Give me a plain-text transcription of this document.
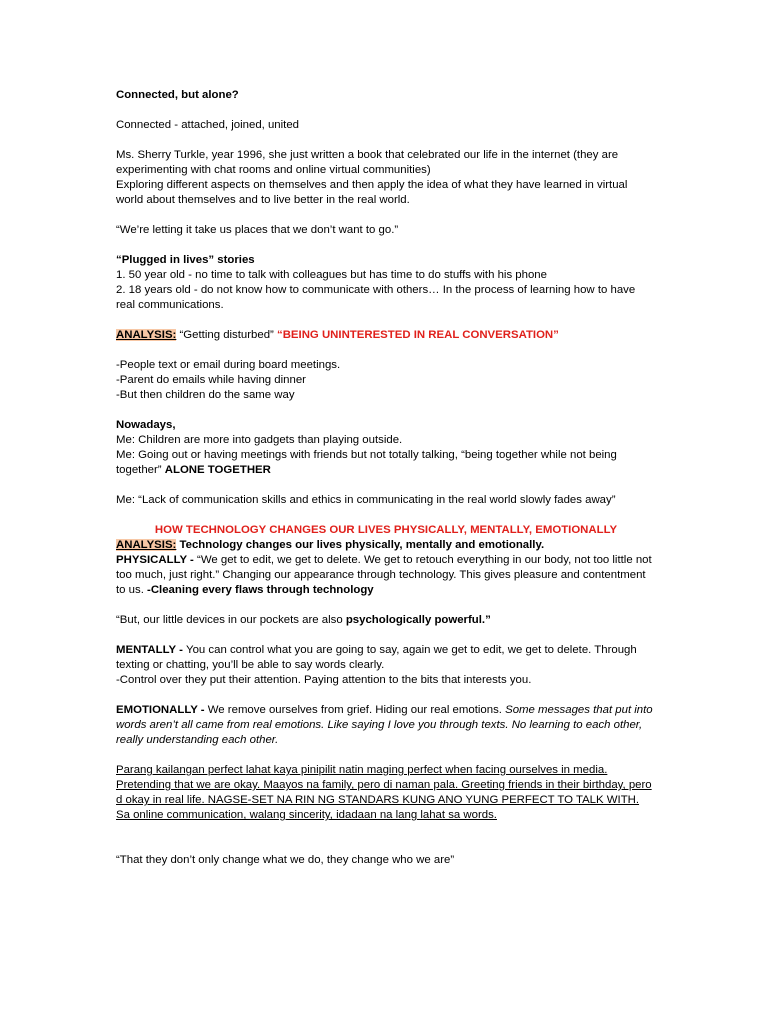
Connected, but alone?

Connected - attached, joined, united

Ms. Sherry Turkle, year 1996, she just written a book that celebrated our life in the internet (they are experimenting with chat rooms and online virtual communities)

Exploring different aspects on themselves and then apply the idea of what they have learned in virtual world about themselves and to live better in the real world.

“We’re letting it take us places that we don’t want to go.”

“Plugged in lives” stories

1. 50 year old - no time to talk with colleagues but has time to do stuffs with his phone

2. 18 years old - do not know how to communicate with others… In the process of learning how to have real communications.

ANALYSIS: “Getting disturbed” “BEING UNINTERESTED IN REAL CONVERSATION”

-People text or email during board meetings.

-Parent do emails while having dinner

-But then children do the same way

Nowadays,

Me: Children are more into gadgets than playing outside.

Me: Going out or having meetings with friends but not totally talking, “being together while not being together” ALONE TOGETHER

Me: “Lack of communication skills and ethics in communicating in the real world slowly fades away”

HOW TECHNOLOGY CHANGES OUR LIVES PHYSICALLY, MENTALLY, EMOTIONALLY

ANALYSIS: Technology changes our lives physically, mentally and emotionally.

PHYSICALLY - “We get to edit, we get to delete. We get to retouch everything in our body, not too little not too much, just right.” Changing our appearance through technology. This gives pleasure and contentment to us. -Cleaning every flaws through technology

“But, our little devices in our pockets are also psychologically powerful.”

MENTALLY - You can control what you are going to say, again we get to edit, we get to delete. Through texting or chatting, you’ll be able to say words clearly.

-Control over they put their attention. Paying attention to the bits that interests you.

EMOTIONALLY - We remove ourselves from grief. Hiding our real emotions. Some messages that put into words aren’t all came from real emotions. Like saying I love you through texts. No learning to each other, really understanding each other.

Parang kailangan perfect lahat kaya pinipilit natin maging perfect when facing ourselves in media. Pretending that we are okay. Maayos na family, pero di naman pala. Greeting friends in their birthday, pero d okay in real life. NAGSE-SET NA RIN NG STANDARS KUNG ANO YUNG PERFECT TO TALK WITH. Sa online communication, walang sincerity, idadaan na lang lahat sa words.

“That they don’t only change what we do, they change who we are”
